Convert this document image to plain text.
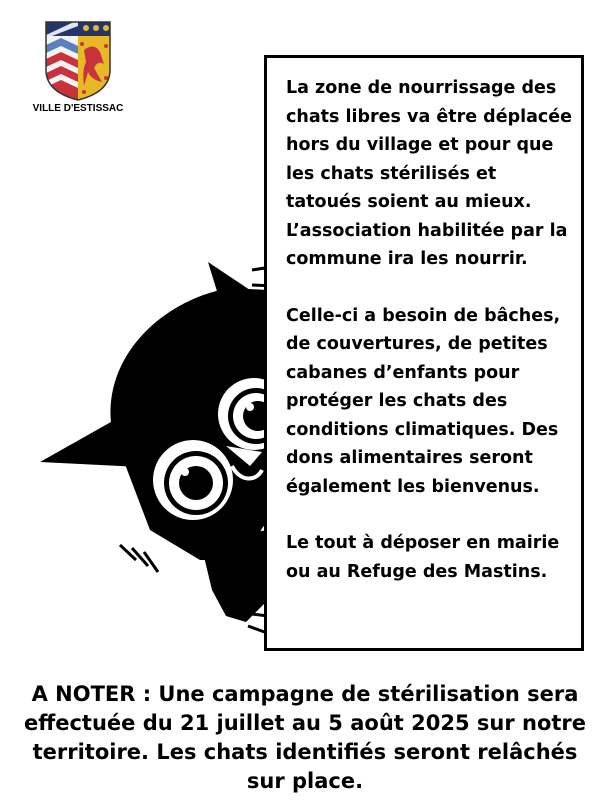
VILLE D'ESTISSAC

La zone de nourrissage des chats libres va être déplacée hors du village et pour que les chats stérilisés et tatoués soient au mieux. L’association habilitée par la commune ira les nourrir.

Celle-ci a besoin de bâches, de couvertures, de petites cabanes d’enfants pour protéger les chats des conditions climatiques. Des dons alimentaires seront également les bienvenus.

Le tout à déposer en mairie ou au Refuge des Mastins.

A NOTER : Une campagne de stérilisation sera effectuée du 21 juillet au 5 août 2025 sur notre territoire. Les chats identifiés seront relâchés sur place.
